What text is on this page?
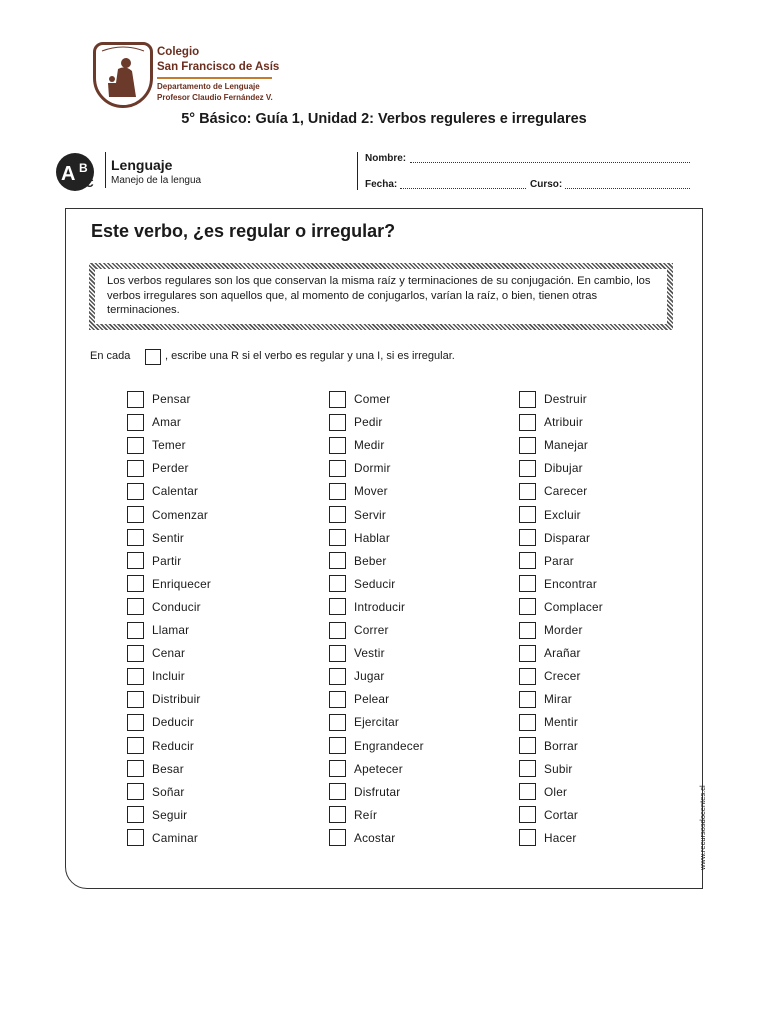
Colegio
San Francisco de Asís
Departamento de Lenguaje
Profesor Claudio Fernández V.
5° Básico: Guía 1, Unidad 2: Verbos reguleres e irregulares
A B
C
Lenguaje
Manejo de la lengua
Nombre:
Fecha:	Curso:
Este verbo, ¿es regular o irregular?
Los verbos regulares son los que conservan la misma raíz y terminaciones de su conjugación. En cambio, los verbos irregulares son aquellos que, al momento de conjugarlos, varían la raíz, o bien, tienen otras terminaciones.
En cada	, escribe una R si el verbo es regular y una I, si es irregular.
Pensar
Amar
Temer
Perder
Calentar
Comenzar
Sentir
Partir
Enriquecer
Conducir
Llamar
Cenar
Incluir
Distribuir
Deducir
Reducir
Besar
Soñar
Seguir
Caminar
Comer
Pedir
Medir
Dormir
Mover
Servir
Hablar
Beber
Seducir
Introducir
Correr
Vestir
Jugar
Pelear
Ejercitar
Engrandecer
Apetecer
Disfrutar
Reír
Acostar
Destruir
Atribuir
Manejar
Dibujar
Carecer
Excluir
Disparar
Parar
Encontrar
Complacer
Morder
Arañar
Crecer
Mirar
Mentir
Borrar
Subir
Oler
Cortar
Hacer	www.recursosdocentes.cl
